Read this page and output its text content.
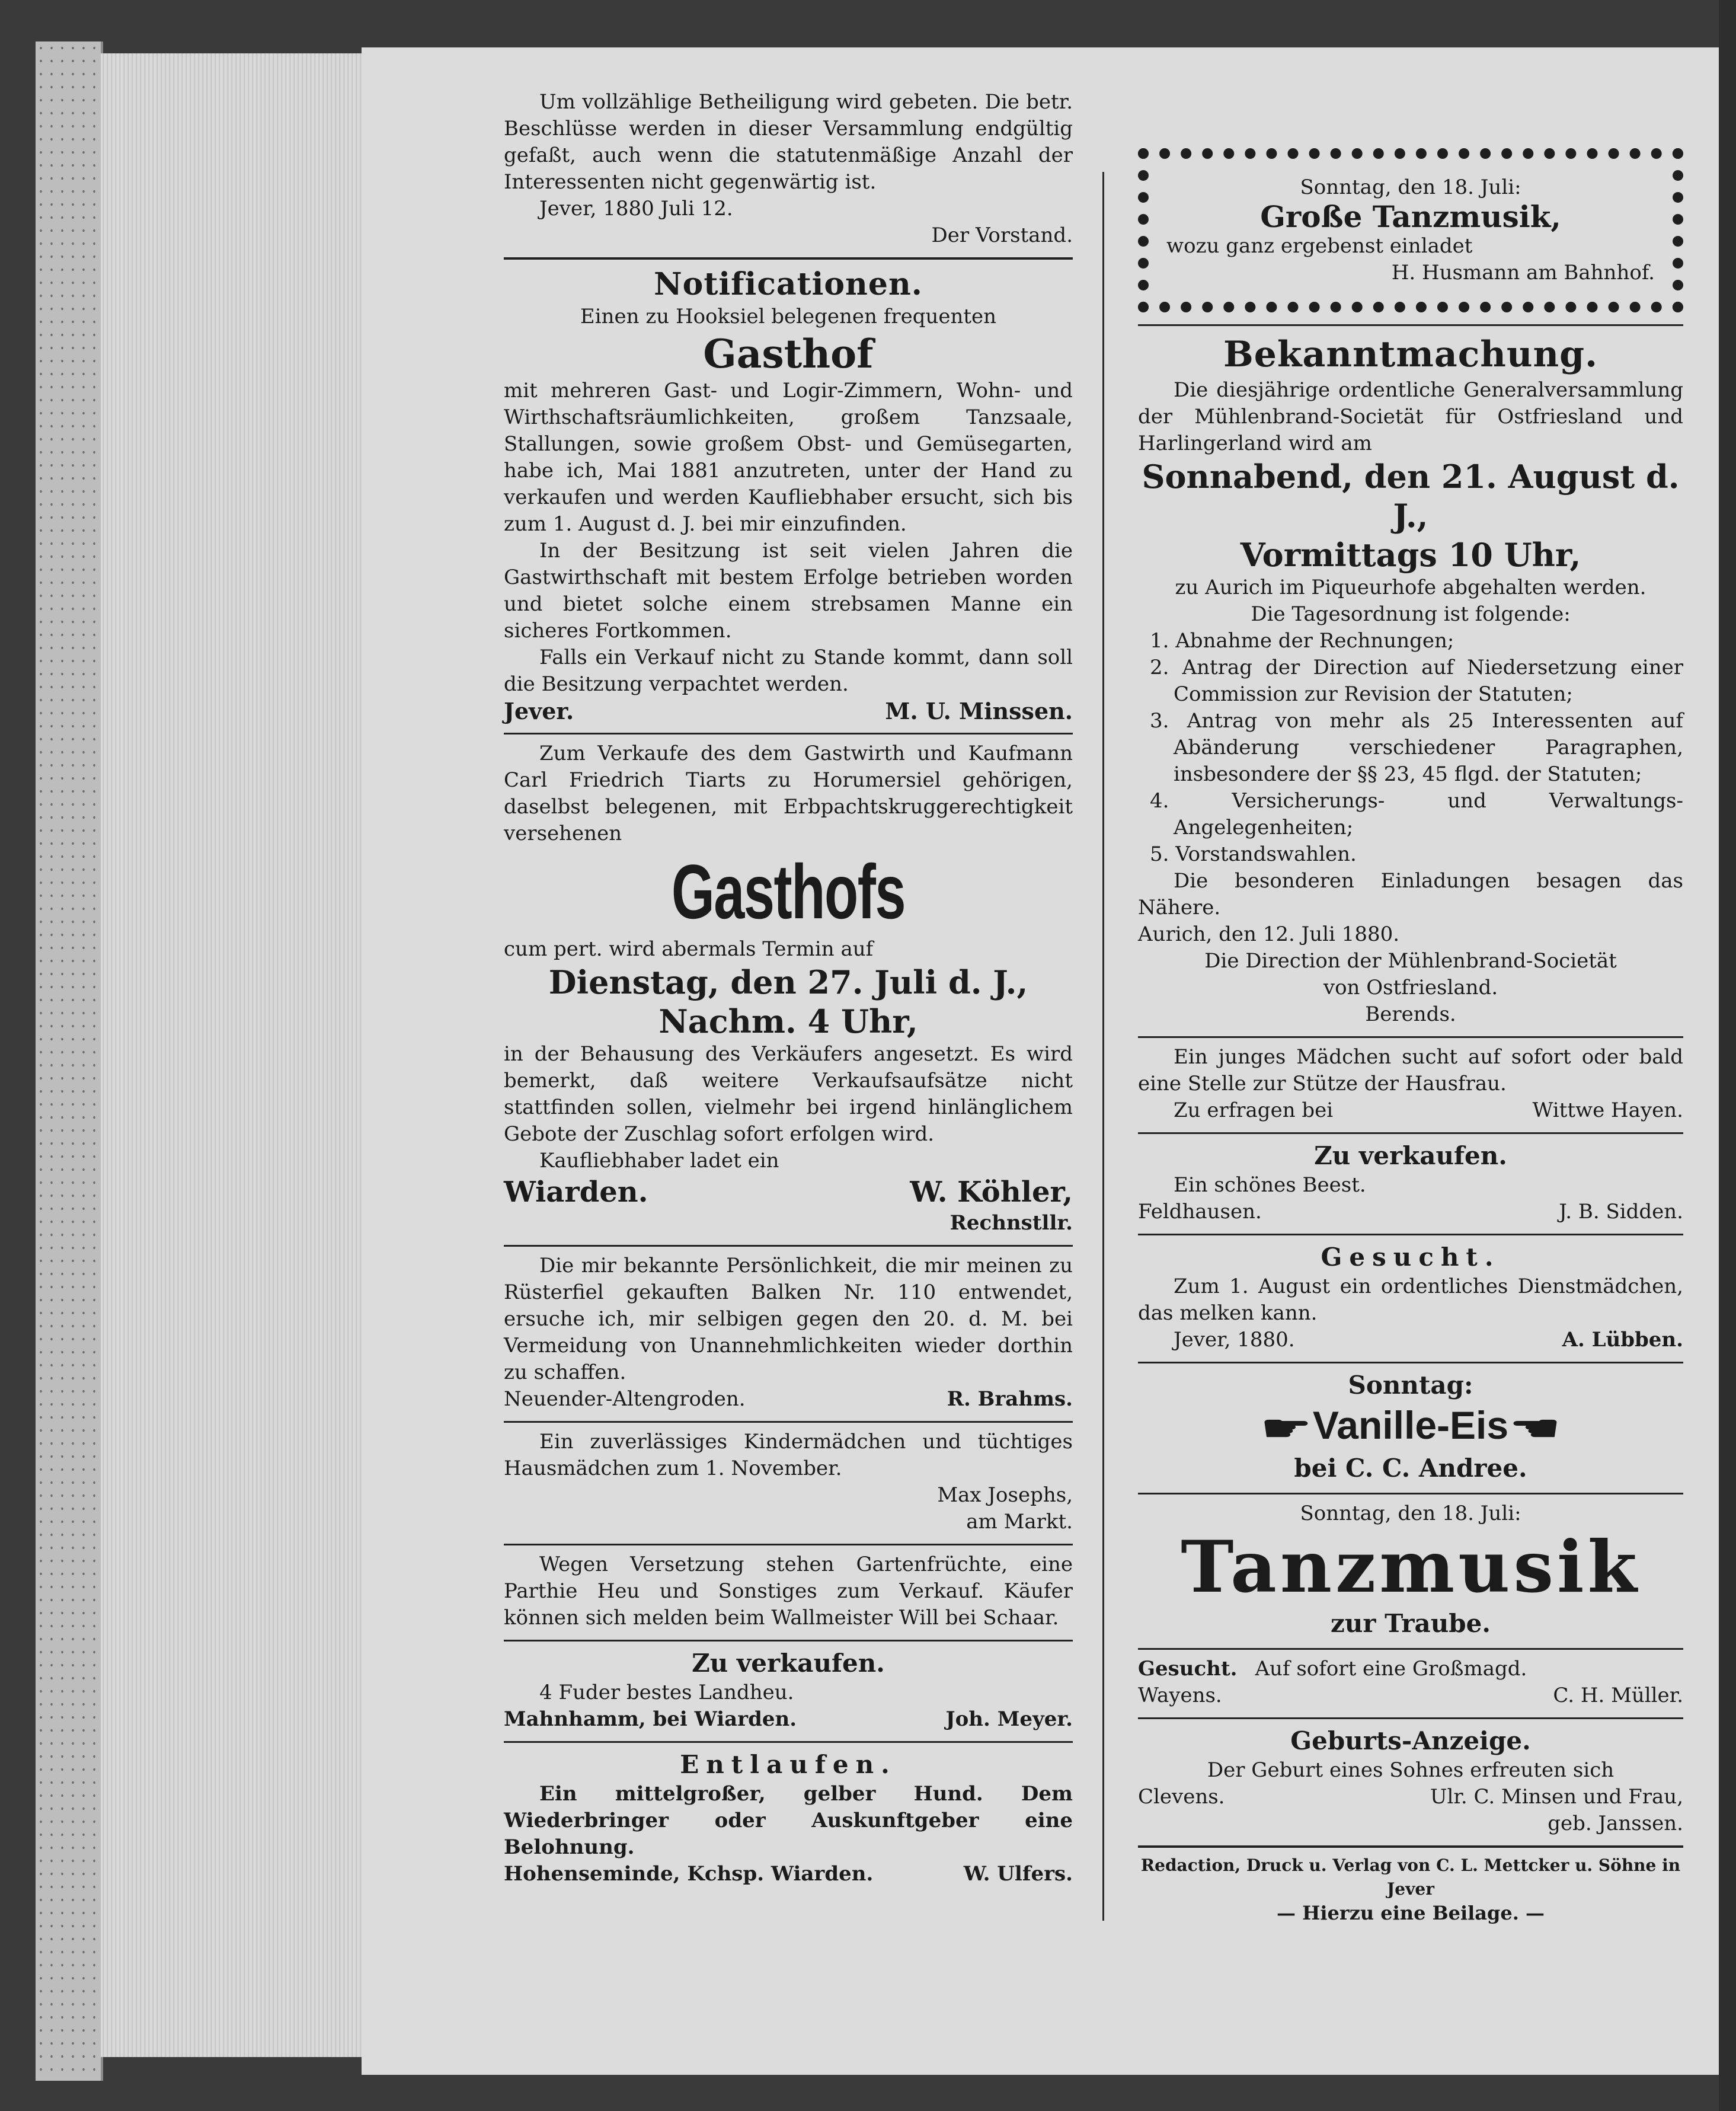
Um vollzählige Betheiligung wird gebeten. Die betr. Beschlüsse werden in dieser Versammlung endgültig gefaßt, auch wenn die statutenmäßige Anzahl der Interessenten nicht gegenwärtig ist.

Jever, 1880 Juli 12.

Der Vorstand.

Notificationen.

Einen zu Hooksiel belegenen frequenten

Gasthof

mit mehreren Gast- und Logir-Zimmern, Wohn- und Wirthschaftsräumlichkeiten, großem Tanzsaale, Stallungen, sowie großem Obst- und Gemüsegarten, habe ich, Mai 1881 anzutreten, unter der Hand zu verkaufen und werden Kaufliebhaber ersucht, sich bis zum 1. August d. J. bei mir einzufinden.

In der Besitzung ist seit vielen Jahren die Gastwirthschaft mit bestem Erfolge betrieben worden und bietet solche einem strebsamen Manne ein sicheres Fortkommen.

Falls ein Verkauf nicht zu Stande kommt, dann soll die Besitzung verpachtet werden.

Jever.	M. U. Minssen.

Zum Verkaufe des dem Gastwirth und Kaufmann Carl Friedrich Tiarts zu Horumersiel gehörigen, daselbst belegenen, mit Erbpachtskruggerechtigkeit versehenen

Gasthofs

cum pert. wird abermals Termin auf

Dienstag, den 27. Juli d. J.,

Nachm. 4 Uhr,

in der Behausung des Verkäufers angesetzt. Es wird bemerkt, daß weitere Verkaufsaufsätze nicht stattfinden sollen, vielmehr bei irgend hinlänglichem Gebote der Zuschlag sofort erfolgen wird.

Kaufliebhaber ladet ein

Wiarden.	W. Köhler,

Rechnstllr.

Die mir bekannte Persönlichkeit, die mir meinen zu Rüsterfiel gekauften Balken Nr. 110 entwendet, ersuche ich, mir selbigen gegen den 20. d. M. bei Vermeidung von Unannehmlichkeiten wieder dorthin zu schaffen.

Neuender-Altengroden.	R. Brahms.

Ein zuverlässiges Kindermädchen und tüchtiges Hausmädchen zum 1. November.

Max Josephs,

am Markt.

Wegen Versetzung stehen Gartenfrüchte, eine Parthie Heu und Sonstiges zum Verkauf. Käufer können sich melden beim Wallmeister Will bei Schaar.

Zu verkaufen.

4 Fuder bestes Landheu.

Mahnhamm, bei Wiarden.	Joh. Meyer.

Entlaufen.

Ein mittelgroßer, gelber Hund. Dem Wiederbringer oder Auskunftgeber eine Belohnung.

Hohenseminde, Kchsp. Wiarden.	W. Ulfers.

Sonntag, den 18. Juli:

Große Tanzmusik,

wozu ganz ergebenst einladet

H. Husmann am Bahnhof.

Bekanntmachung.

Die diesjährige ordentliche Generalversammlung der Mühlenbrand-Societät für Ostfriesland und Harlingerland wird am

Sonnabend, den 21. August d. J.,

Vormittags 10 Uhr,

zu Aurich im Piqueurhofe abgehalten werden.

Die Tagesordnung ist folgende:

1. Abnahme der Rechnungen;

2. Antrag der Direction auf Niedersetzung einer Commission zur Revision der Statuten;

3. Antrag von mehr als 25 Interessenten auf Abänderung verschiedener Paragraphen, insbesondere der §§ 23, 45 flgd. der Statuten;

4. Versicherungs- und Verwaltungs-Angelegenheiten;

5. Vorstandswahlen.

Die besonderen Einladungen besagen das Nähere.

Aurich, den 12. Juli 1880.

Die Direction der Mühlenbrand-Societät

von Ostfriesland.

Berends.

Ein junges Mädchen sucht auf sofort oder bald eine Stelle zur Stütze der Hausfrau.

Zu erfragen bei	Wittwe Hayen.

Zu verkaufen.

Ein schönes Beest.

Feldhausen.	J. B. Sidden.

Gesucht.

Zum 1. August ein ordentliches Dienstmädchen, das melken kann.

Jever, 1880.	A. Lübben.

Sonntag:

☛ Vanille-Eis ☚

bei C. C. Andree.

Sonntag, den 18. Juli:

Tanzmusik

zur Traube.

Gesucht. Auf sofort eine Großmagd.
Wayens.	C. H. Müller.

Geburts-Anzeige.

Der Geburt eines Sohnes erfreuten sich

Clevens.	Ulr. C. Minsen und Frau,

geb. Janssen.

Redaction, Druck u. Verlag von C. L. Mettcker u. Söhne in Jever

— Hierzu eine Beilage. —
